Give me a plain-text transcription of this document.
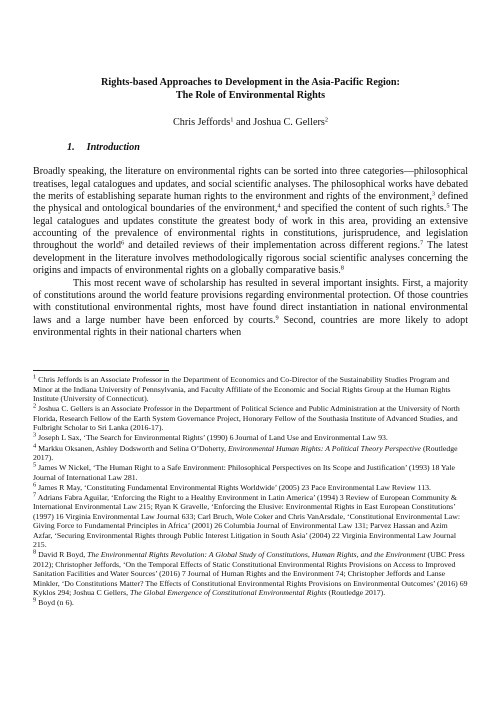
Rights-based Approaches to Development in the Asia-Pacific Region:
The Role of Environmental Rights

Chris Jeffords$^1$ and Joshua C. Gellers$^2$

1. Introduction

Broadly speaking, the literature on environmental rights can be sorted into three categories—philosophical treatises, legal catalogues and updates, and social scientific analyses. The philosophical works have debated the merits of establishing separate human rights to the environment and rights of the environment,$^3$ defined the physical and ontological boundaries of the environment,$^4$ and specified the content of such rights.$^5$ The legal catalogues and updates constitute the greatest body of work in this area, providing an extensive accounting of the prevalence of environmental rights in constitutions, jurisprudence, and legislation throughout the world$^6$ and detailed reviews of their implementation across different regions.$^7$ The latest development in the literature involves methodologically rigorous social scientific analyses concerning the origins and impacts of environmental rights on a globally comparative basis.$^8$

This most recent wave of scholarship has resulted in several important insights. First, a majority of constitutions around the world feature provisions regarding environmental protection. Of those countries with constitutional environmental rights, most have found direct instantiation in national environmental laws and a large number have been enforced by courts.$^9$ Second, countries are more likely to adopt environmental rights in their national charters when

$^1$ Chris Jeffords is an Associate Professor in the Department of Economics and Co-Director of the Sustainability Studies Program and Minor at the Indiana University of Pennsylvania, and Faculty Affiliate of the Economic and Social Rights Group at the Human Rights Institute (University of Connecticut).

$^2$ Joshua C. Gellers is an Associate Professor in the Department of Political Science and Public Administration at the University of North Florida, Research Fellow of the Earth System Governance Project, Honorary Fellow of the Southasia Institute of Advanced Studies, and Fulbright Scholar to Sri Lanka (2016-17).

$^3$ Joseph L Sax, ‘The Search for Environmental Rights’ (1990) 6 Journal of Land Use and Environmental Law 93.

$^4$ Markku Oksanen, Ashley Dodsworth and Selina O’Doherty, Environmental Human Rights: A Political Theory Perspective (Routledge 2017).

$^5$ James W Nickel, ‘The Human Right to a Safe Environment: Philosophical Perspectives on Its Scope and Justification’ (1993) 18 Yale Journal of International Law 281.

$^6$ James R May, ‘Constituting Fundamental Environmental Rights Worldwide’ (2005) 23 Pace Environmental Law Review 113.

$^7$ Adrians Fabra Aguilar, ‘Enforcing the Right to a Healthy Environment in Latin America’ (1994) 3 Review of European Community & International Environmental Law 215; Ryan K Gravelle, ‘Enforcing the Elusive: Environmental Rights in East European Constitutions’ (1997) 16 Virginia Environmental Law Journal 633; Carl Bruch, Wole Coker and Chris VanArsdale, ‘Constitutional Environmental Law: Giving Force to Fundamental Principles in Africa’ (2001) 26 Columbia Journal of Environmental Law 131; Parvez Hassan and Azim Azfar, ‘Securing Environmental Rights through Public Interest Litigation in South Asia’ (2004) 22 Virginia Environmental Law Journal 215.

$^8$ David R Boyd, The Environmental Rights Revolution: A Global Study of Constitutions, Human Rights, and the Environment (UBC Press 2012); Christopher Jeffords, ‘On the Temporal Effects of Static Constitutional Environmental Rights Provisions on Access to Improved Sanitation Facilities and Water Sources’ (2016) 7 Journal of Human Rights and the Environment 74; Christopher Jeffords and Lanse Minkler, ‘Do Constitutions Matter? The Effects of Constitutional Environmental Rights Provisions on Environmental Outcomes’ (2016) 69 Kyklos 294; Joshua C Gellers, The Global Emergence of Constitutional Environmental Rights (Routledge 2017).

$^9$ Boyd (n 6).
